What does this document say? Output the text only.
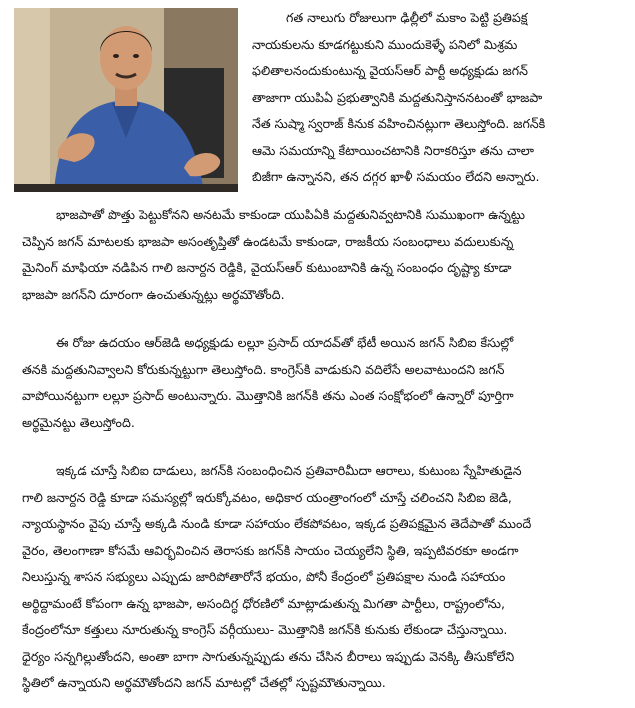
గత నాలుగు రోజులుగా ఢిల్లీలో మకాం పెట్టి ప్రతిపక్ష
నాయకులను కూడగట్టుకుని ముందుకెళ్ళే పనిలో మిశ్రమ
ఫలితాలనందుకుంటున్న వైయస్ఆర్ పార్టీ అధ్యక్షుడు జగన్
తాజాగా యుపిఏ ప్రభుత్వానికి మద్దతునిస్తాననటంతో భాజపా
నేత సుష్మా స్వరాజ్ కినుక వహించినట్లుగా తెలుస్తోంది. జగన్‌కి
ఆమె సమయాన్ని కేటాయించటానికి నిరాకరిస్తూ తను చాలా
బిజీగా ఉన్నానని, తన దగ్గర ఖాళీ సమయం లేదని అన్నారు.
భాజపాతో పొత్తు పెట్టుకోనని అనటమే కాకుండా యుపిఏకి మద్దతునివ్వటానికి సుముఖంగా ఉన్నట్టు
చెప్పిన జగన్ మాటలకు భాజపా అసంతృప్తితో ఉండటమే కాకుండా, రాజకీయ సంబంధాలు వదులుకున్న
మైనింగ్ మాఫియా నడిపిన గాలి జనార్దన రెడ్డికి, వైయస్ఆర్ కుటుంబానికి ఉన్న సంబంధం దృష్ట్యా కూడా
భాజపా జగన్‌ని దూరంగా ఉంచుతున్నట్లు అర్థమౌతోంది.
ఈ రోజు ఉదయం ఆర్‌జెడి అధ్యక్షుడు లల్లూ ప్రసాద్ యాదవ్‌తో భేటీ అయిన జగన్ సిబిఐ కేసుల్లో
తనకి మద్దతునివ్వాలని కోరుకున్నట్టుగా తెలుస్తోంది. కాంగ్రెస్‌కి వాడుకుని వదిలేసే అలవాటుందని జగన్
వాపోయినట్టుగా లల్లూ ప్రసాద్ అంటున్నారు. మొత్తానికి జగన్‌కి తను ఎంత సంక్షోభంలో ఉన్నారో పూర్తిగా
అర్థమైనట్టు తెలుస్తోంది.
ఇక్కడ చూస్తే సిబిఐ దాడులు, జగన్‌కి సంబంధించిన ప్రతివారిమీదా ఆరాలు, కుటుంబ స్నేహితుడైన
గాలి జనార్దన రెడ్డి కూడా సమస్యల్లో ఇరుక్కోవటం, అధికార యంత్రాంగంలో చూస్తే చలించని సిబిఐ జెడి,
న్యాయస్థానం వైపు చూస్తే అక్కడి నుండి కూడా సహాయం లేకపోవటం, ఇక్కడ ప్రతిపక్షమైన తెదేపాతో ముందే
వైరం, తెలంగాణా కోసమే ఆవిర్భవించిన తెరాసకు జగన్‌కి సాయం చెయ్యలేని స్థితి, ఇప్పటివరకూ అండగా
నిలుస్తున్న శాసన సభ్యులు ఎప్పుడు జారిపోతారోనే భయం, పోనీ కేంద్రంలో ప్రతిపక్షాల నుండి సహాయం
అర్థిద్దామంటే కోపంగా ఉన్న భాజపా, అసందిగ్ధ ధోరణిలో మాట్లాడుతున్న మిగతా పార్టీలు, రాష్ట్రంలోను,
కేంద్రంలోనూ కత్తులు నూరుతున్న కాంగ్రెస్ వర్గీయులు- మొత్తానికి జగన్‌కి కునుకు లేకుండా చేస్తున్నాయి.
ధైర్యం సన్నగిల్లుతోందని, అంతా బాగా సాగుతున్నప్పుడు తను చేసిన బీరాలు ఇప్పుడు వెనక్కి తీసుకోలేని
స్థితిలో ఉన్నాయని అర్థమౌతోందని జగన్ మాటల్లో చేతల్లో స్పష్టమౌతున్నాయి.
